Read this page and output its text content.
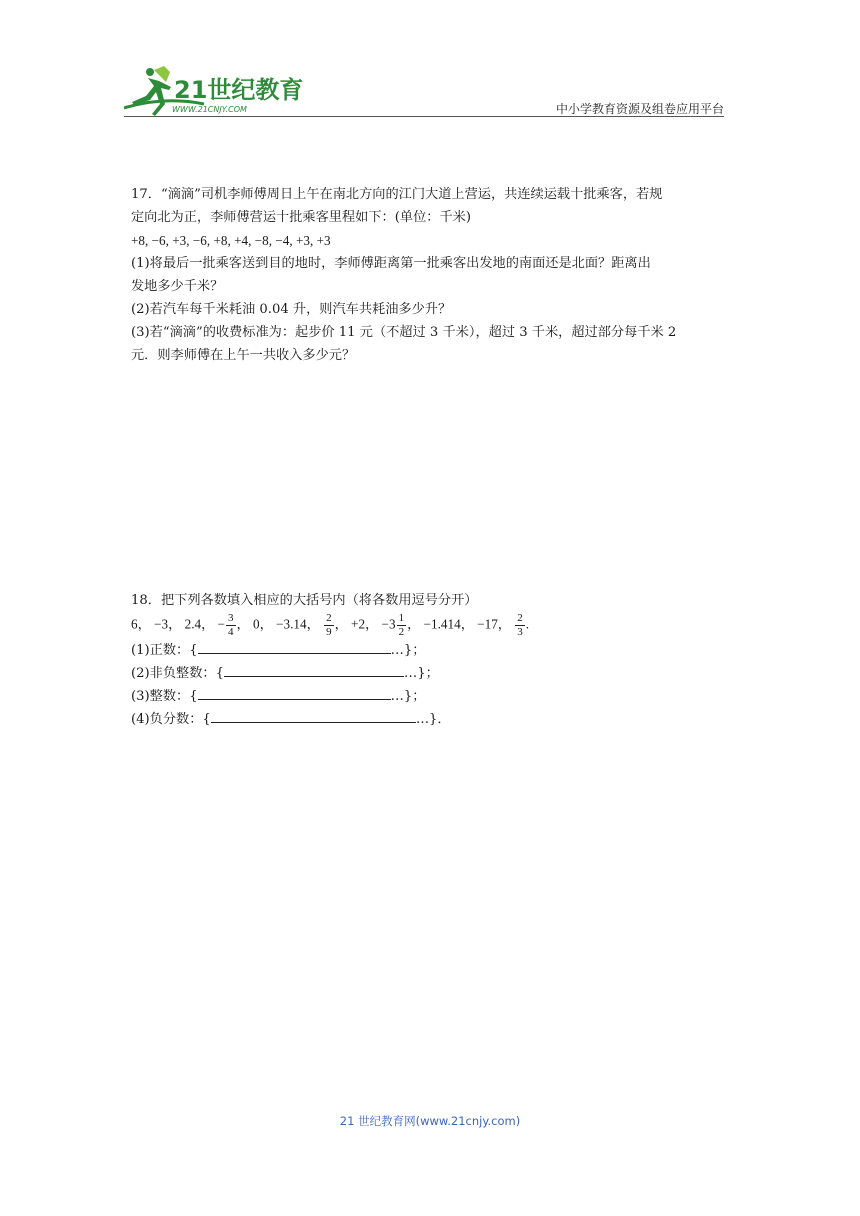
21世纪教育
WWW.21CNJY.COM	中小学教育资源及组卷应用平台

17．“滴滴”司机李师傅周日上午在南北方向的江门大道上营运，共连续运载十批乘客，若规

定向北为正，李师傅营运十批乘客里程如下：(单位：千米)

+8, −6, +3, −6, +8, +4, −8, −4, +3, +3

(1)将最后一批乘客送到目的地时，李师傅距离第一批乘客出发地的南面还是北面？距离出

发地多少千米？

(2)若汽车每千米耗油 0.04 升，则汽车共耗油多少升？

(3)若“滴滴”的收费标准为：起步价 11 元（不超过 3 千米），超过 3 千米，超过部分每千米 2

元．则李师傅在上午一共收入多少元？

18．把下列各数填入相应的大括号内（将各数用逗号分开）

6， −3， 2.4， − $\frac{3}{4}$ ， 0， −3.14， $\frac{2}{9}$ ， +2， $-3 \frac{1}{2}$ ， −1.414， −17， $\frac{2}{3}$ .

(1)正数：{	…}；

(2)非负整数：{	…}；

(3)整数：{	…}；

(4)负分数：{	…}．

21 世纪教育网(www.21cnjy.com)
